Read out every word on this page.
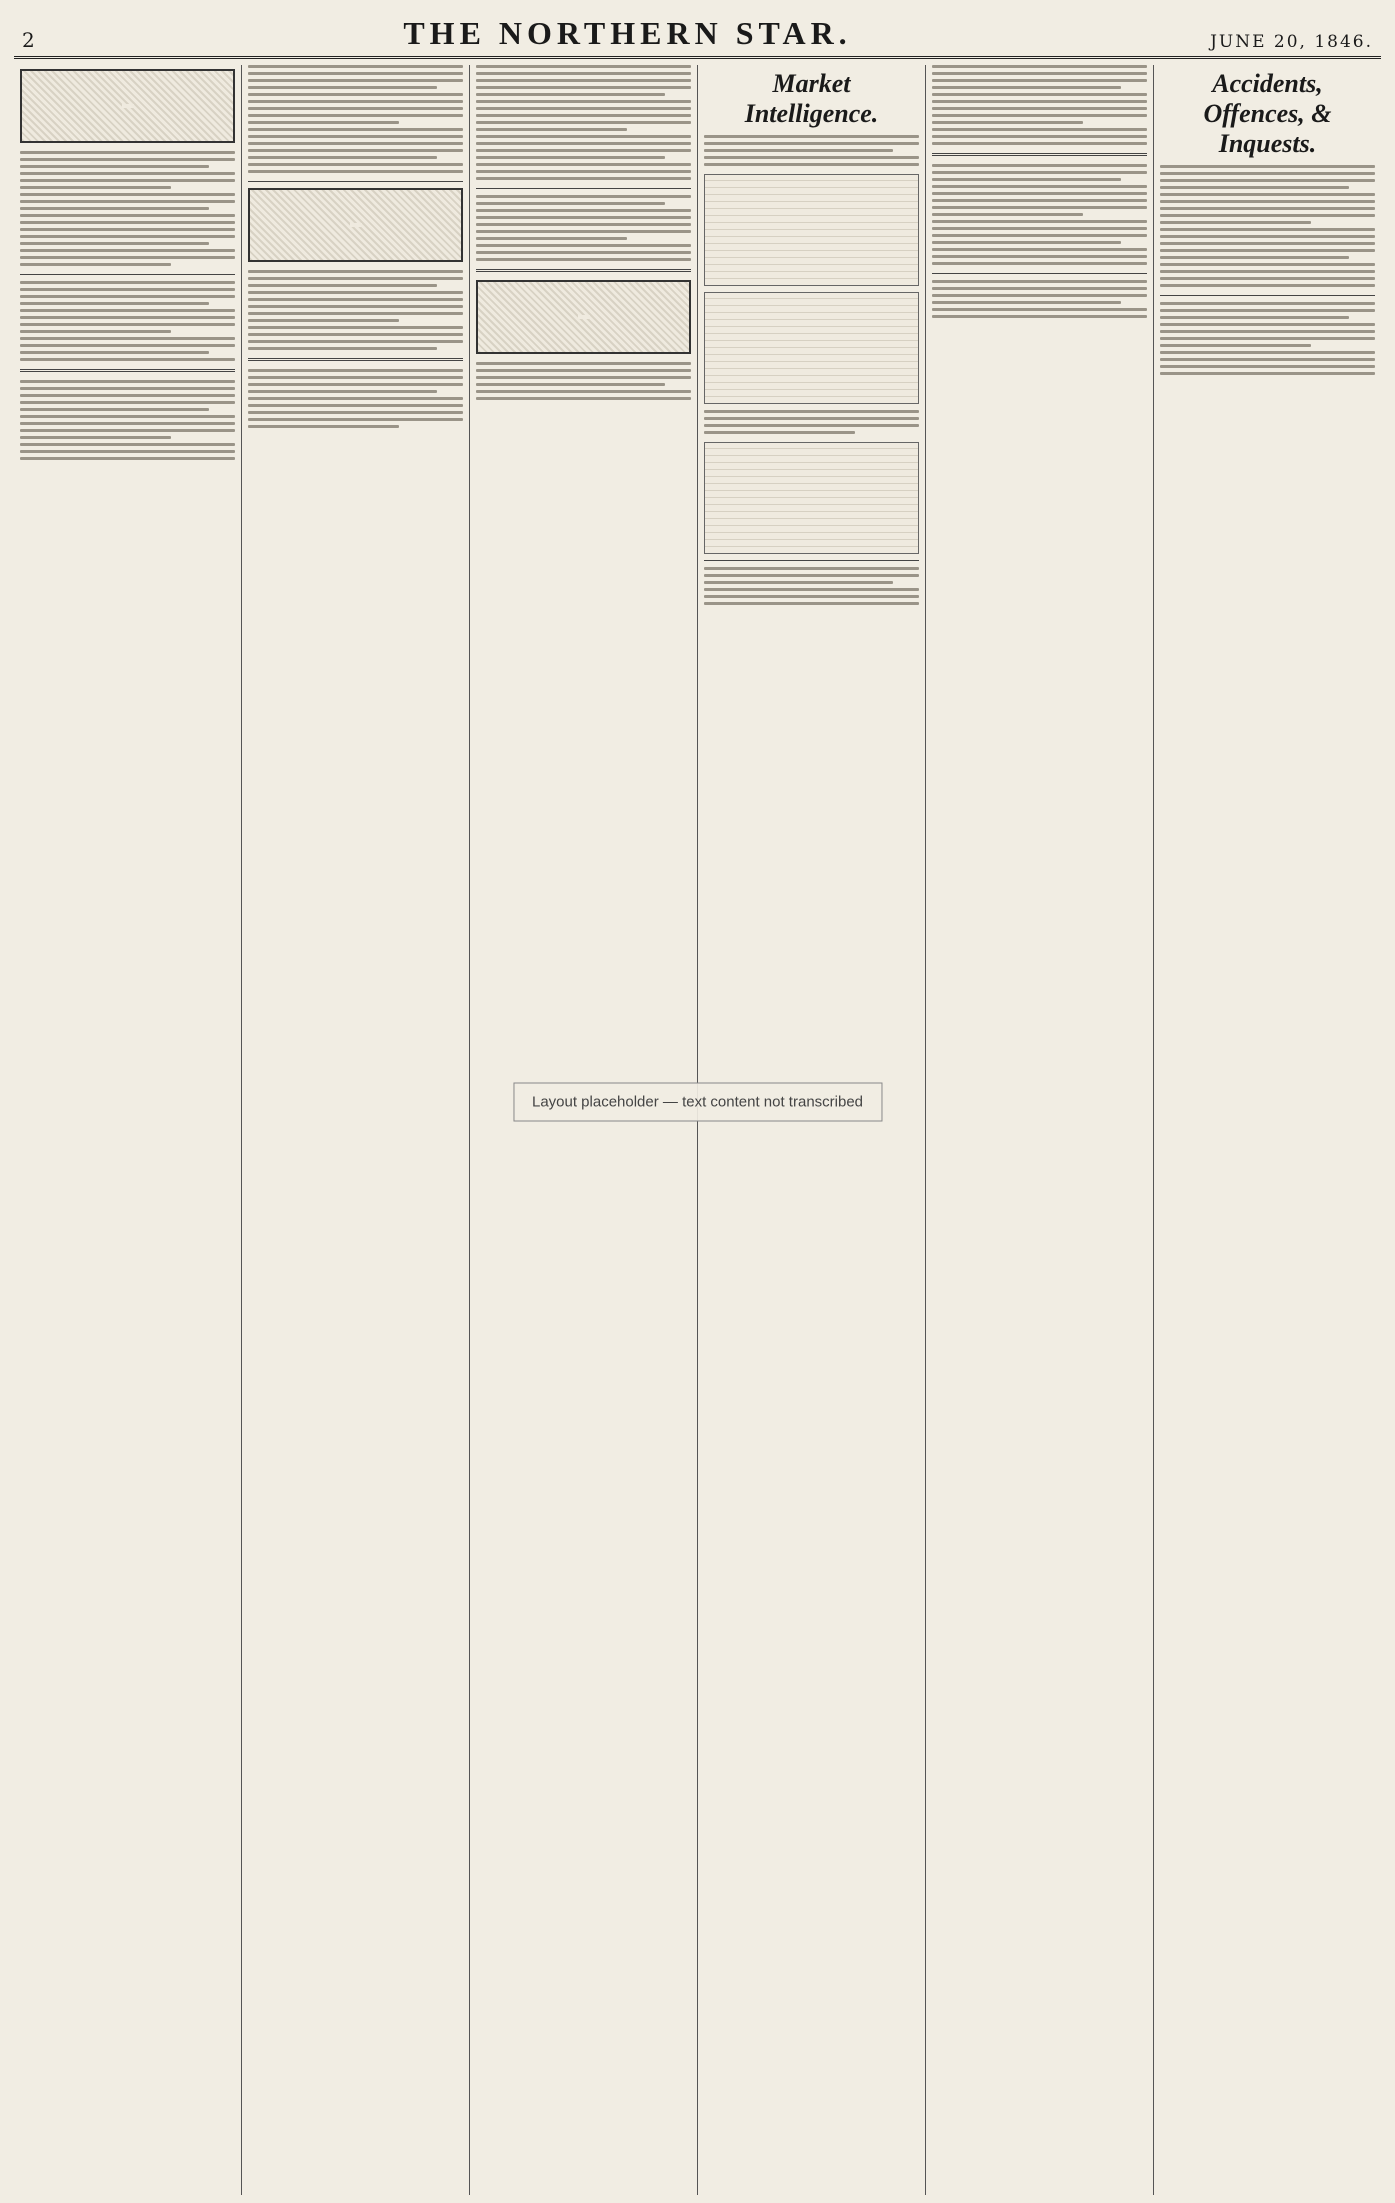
2	THE NORTHERN STAR.	JUNE 20, 1846.
Market Intelligence.
Accidents, Offences, & Inquests.
Layout placeholder — text content not transcribed
